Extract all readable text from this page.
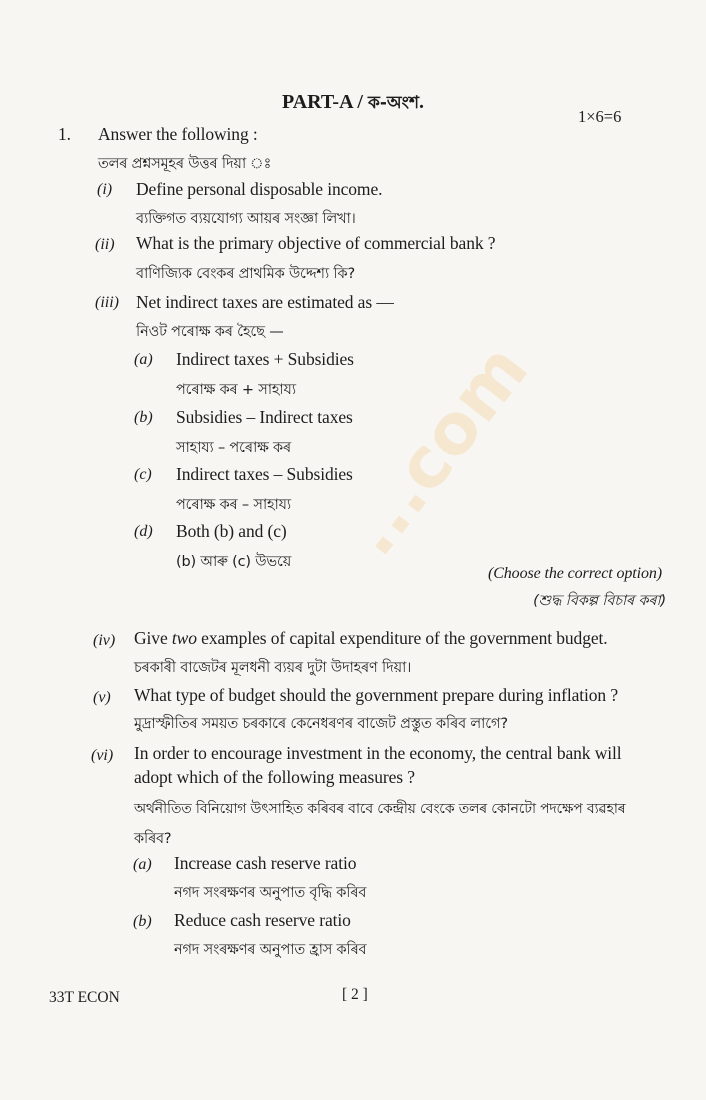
...com
PART-A / ক-অংশ.
1×6=6
1. Answer the following :
তলৰ প্ৰশ্নসমূহৰ উত্তৰ দিয়া ঃ
(i) Define personal disposable income.
ব্যক্তিগত ব্যয়যোগ্য আয়ৰ সংজ্ঞা লিখা।
(ii) What is the primary objective of commercial bank ?
বাণিজ্যিক বেংকৰ প্ৰাথমিক উদ্দেশ্য কি?
(iii) Net indirect taxes are estimated as —
নিওট পৰোক্ষ কৰ হৈছে —
(a) Indirect taxes + Subsidies
পৰোক্ষ কৰ + সাহায্য
(b) Subsidies – Indirect taxes
সাহায্য – পৰোক্ষ কৰ
(c) Indirect taxes – Subsidies
পৰোক্ষ কৰ – সাহায্য
(d) Both (b) and (c)
(b) আৰু (c) উভয়ে
(Choose the correct option)
(শুদ্ধ বিকল্প বিচাৰ কৰা)
(iv) Give two examples of capital expenditure of the government budget.
চৰকাৰী বাজেটৰ মূলধনী ব্যয়ৰ দুটা উদাহৰণ দিয়া।
(v) What type of budget should the government prepare during inflation ?
মুদ্ৰাস্ফীতিৰ সময়ত চৰকাৰে কেনেধৰণৰ বাজেট প্ৰস্তুত কৰিব লাগে?
(vi) In order to encourage investment in the economy, the central bank will
adopt which of the following measures ?
অৰ্থনীতিত বিনিয়োগ উৎসাহিত কৰিবৰ বাবে কেন্দ্ৰীয় বেংকে তলৰ কোনটো পদক্ষেপ ব্যৱহাৰ
কৰিব?
(a) Increase cash reserve ratio
নগদ সংৰক্ষণৰ অনুপাত বৃদ্ধি কৰিব
(b) Reduce cash reserve ratio
নগদ সংৰক্ষণৰ অনুপাত হ্ৰাস কৰিব
33T ECON	[ 2 ]
